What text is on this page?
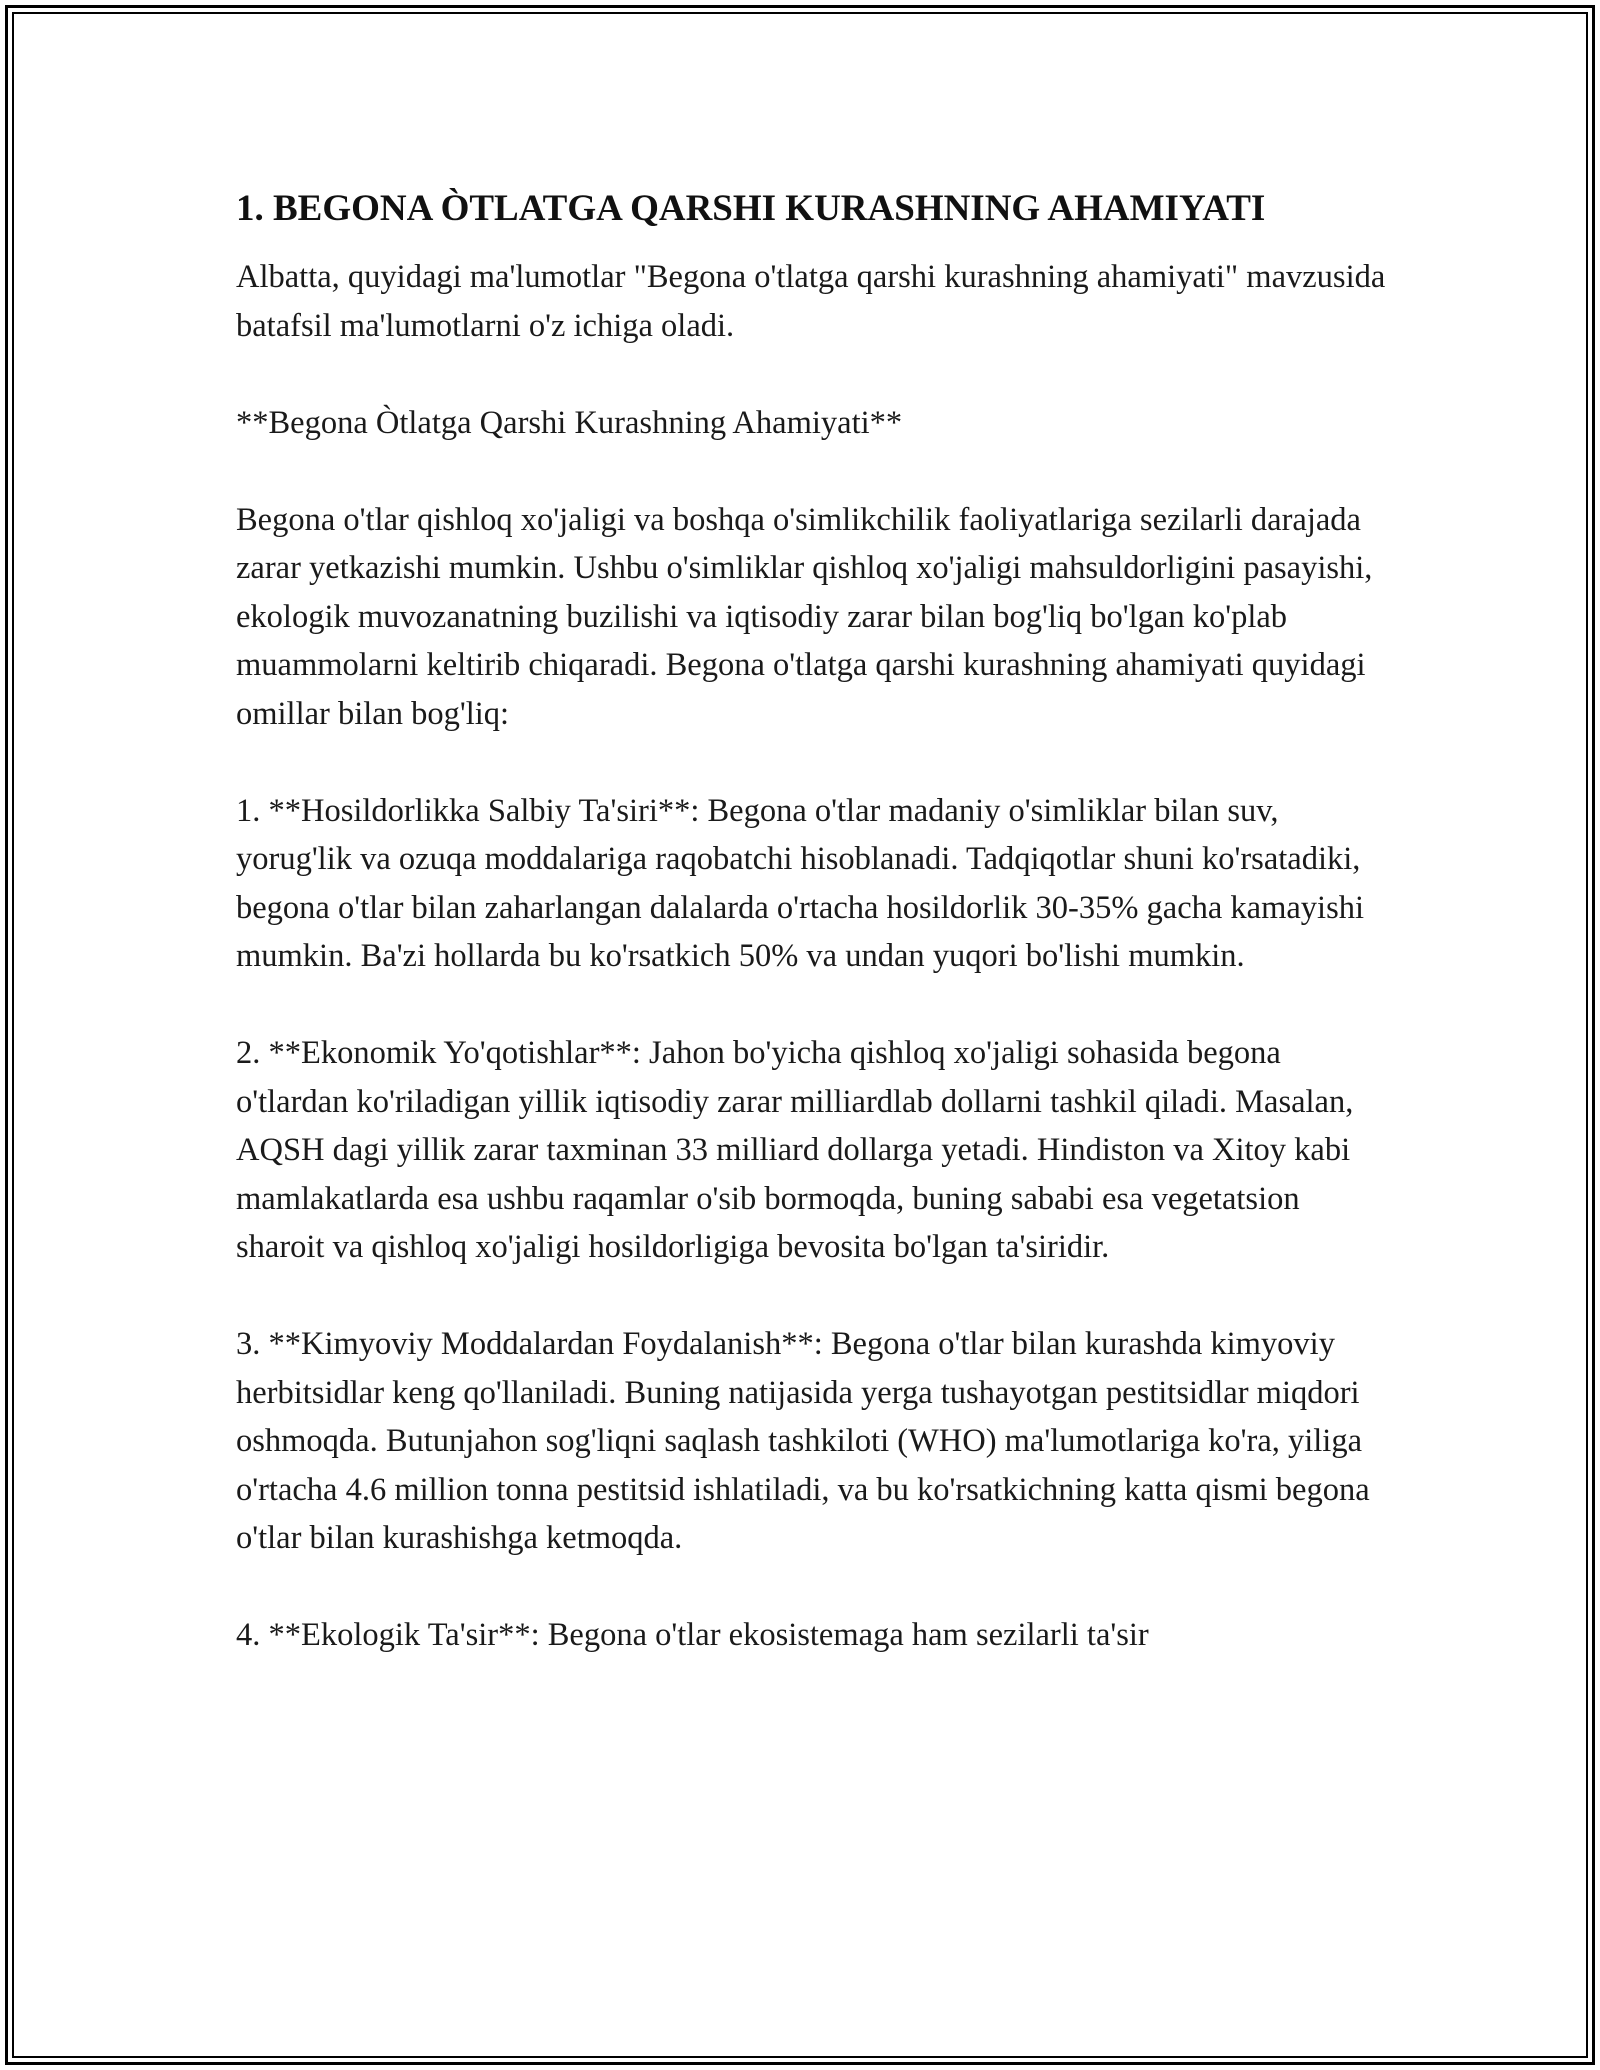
1. BEGONA ÒTLATGA QARSHI KURASHNING AHAMIYATI

Albatta, quyidagi ma'lumotlar "Begona o'tlatga qarshi kurashning ahamiyati" mavzusida batafsil ma'lumotlarni o'z ichiga oladi.

**Begona Òtlatga Qarshi Kurashning Ahamiyati**

Begona o'tlar qishloq xo'jaligi va boshqa o'simlikchilik faoliyatlariga sezilarli darajada zarar yetkazishi mumkin. Ushbu o'simliklar qishloq xo'jaligi mahsuldorligini pasayishi, ekologik muvozanatning buzilishi va iqtisodiy zarar bilan bog'liq bo'lgan ko'plab muammolarni keltirib chiqaradi. Begona o'tlatga qarshi kurashning ahamiyati quyidagi omillar bilan bog'liq:

1. **Hosildorlikka Salbiy Ta'siri**: Begona o'tlar madaniy o'simliklar bilan suv, yorug'lik va ozuqa moddalariga raqobatchi hisoblanadi. Tadqiqotlar shuni ko'rsatadiki, begona o'tlar bilan zaharlangan dalalarda o'rtacha hosildorlik 30-35% gacha kamayishi mumkin. Ba'zi hollarda bu ko'rsatkich 50% va undan yuqori bo'lishi mumkin.

2. **Ekonomik Yo'qotishlar**: Jahon bo'yicha qishloq xo'jaligi sohasida begona o'tlardan ko'riladigan yillik iqtisodiy zarar milliardlab dollarni tashkil qiladi. Masalan, AQSH dagi yillik zarar taxminan 33 milliard dollarga yetadi. Hindiston va Xitoy kabi mamlakatlarda esa ushbu raqamlar o'sib bormoqda, buning sababi esa vegetatsion sharoit va qishloq xo'jaligi hosildorligiga bevosita bo'lgan ta'siridir.

3. **Kimyoviy Moddalardan Foydalanish**: Begona o'tlar bilan kurashda kimyoviy herbitsidlar keng qo'llaniladi. Buning natijasida yerga tushayotgan pestitsidlar miqdori oshmoqda. Butunjahon sog'liqni saqlash tashkiloti (WHO) ma'lumotlariga ko'ra, yiliga o'rtacha 4.6 million tonna pestitsid ishlatiladi, va bu ko'rsatkichning katta qismi begona o'tlar bilan kurashishga ketmoqda.

4. **Ekologik Ta'sir**: Begona o'tlar ekosistemaga ham sezilarli ta'sir
